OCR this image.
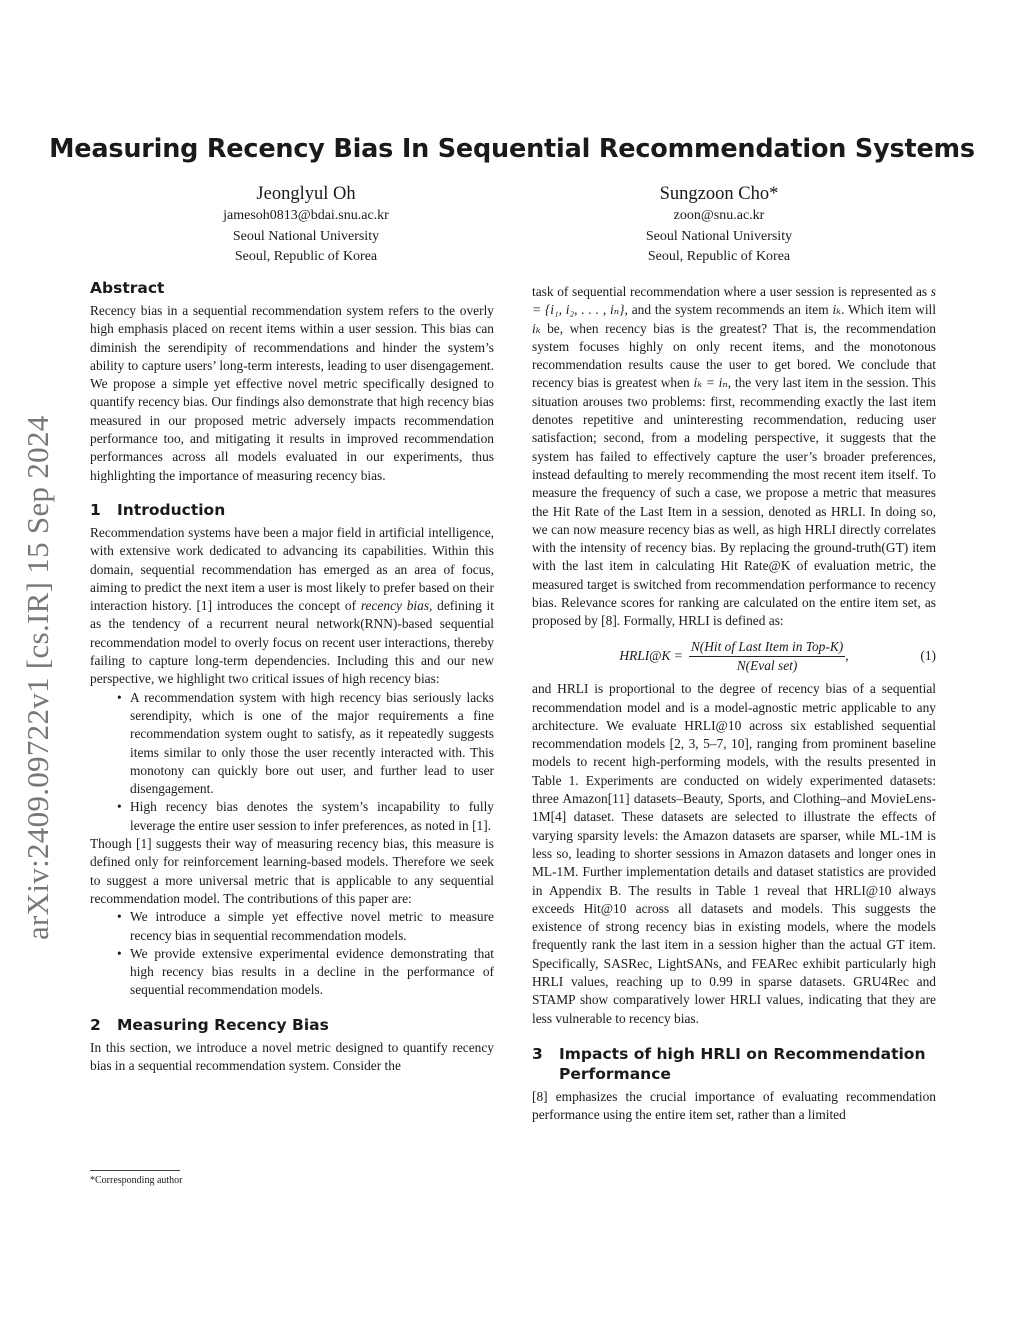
arXiv:2409.09722v1 [cs.IR] 15 Sep 2024
Measuring Recency Bias In Sequential Recommendation Systems
Jeonglyul Oh
jamesoh0813@bdai.snu.ac.kr
Seoul National University
Seoul, Republic of Korea
Sungzoon Cho*
zoon@snu.ac.kr
Seoul National University
Seoul, Republic of Korea
Abstract

Recency bias in a sequential recommendation system refers to the overly high emphasis placed on recent items within a user session. This bias can diminish the serendipity of recommendations and hinder the system’s ability to capture users’ long-term interests, leading to user disengagement. We propose a simple yet effective novel metric specifically designed to quantify recency bias. Our findings also demonstrate that high recency bias measured in our proposed metric adversely impacts recommendation performance too, and mitigating it results in improved recommendation performances across all models evaluated in our experiments, thus highlighting the importance of measuring recency bias.

1 Introduction

Recommendation systems have been a major field in artificial intelligence, with extensive work dedicated to advancing its capabilities. Within this domain, sequential recommendation has emerged as an area of focus, aiming to predict the next item a user is most likely to prefer based on their interaction history. [1] introduces the concept of recency bias, defining it as the tendency of a recurrent neural network(RNN)-based sequential recommendation model to overly focus on recent user interactions, thereby failing to capture long-term dependencies. Including this and our new perspective, we highlight two critical issues of high recency bias:

• A recommendation system with high recency bias seriously lacks serendipity, which is one of the major requirements a fine recommendation system ought to satisfy, as it repeatedly suggests items similar to only those the user recently interacted with. This monotony can quickly bore out user, and further lead to user disengagement.
• High recency bias denotes the system’s incapability to fully leverage the entire user session to infer preferences, as noted in [1].

Though [1] suggests their way of measuring recency bias, this measure is defined only for reinforcement learning-based models. Therefore we seek to suggest a more universal metric that is applicable to any sequential recommendation model. The contributions of this paper are:

• We introduce a simple yet effective novel metric to measure recency bias in sequential recommendation models.
• We provide extensive experimental evidence demonstrating that high recency bias results in a decline in the performance of sequential recommendation models.
2 Measuring Recency Bias

In this section, we introduce a novel metric designed to quantify recency bias in a sequential recommendation system. Consider the

*Corresponding author

task of sequential recommendation where a user session is represented as s = {i₁, i₂, . . . , iₙ}, and the system recommends an item iₖ. Which item will iₖ be, when recency bias is the greatest? That is, the recommendation system focuses highly on only recent items, and the monotonous recommendation results cause the user to get bored. We conclude that recency bias is greatest when iₖ = iₙ, the very last item in the session. This situation arouses two problems: first, recommending exactly the last item denotes repetitive and uninteresting recommendation, reducing user satisfaction; second, from a modeling perspective, it suggests that the system has failed to effectively capture the user’s broader preferences, instead defaulting to merely recommending the most recent item itself. To measure the frequency of such a case, we propose a metric that measures the Hit Rate of the Last Item in a session, denoted as HRLI. In doing so, we can now measure recency bias as well, as high HRLI directly correlates with the intensity of recency bias. By replacing the ground-truth(GT) item with the last item in calculating Hit Rate@K of evaluation metric, the measured target is switched from recommendation performance to recency bias. Relevance scores for ranking are calculated on the entire item set, as proposed by [8]. Formally, HRLI is defined as:

HRLI@K = $\frac{\text{N(Hit of Last Item in Top-K)}}{\text{N(Eval set)}}$ ,	(1)

and HRLI is proportional to the degree of recency bias of a sequential recommendation model and is a model-agnostic metric applicable to any architecture. We evaluate HRLI@10 across six established sequential recommendation models [2, 3, 5–7, 10], ranging from prominent baseline models to recent high-performing models, with the results presented in Table 1. Experiments are conducted on widely experimented datasets: three Amazon[11] datasets–Beauty, Sports, and Clothing–and MovieLens-1M[4] dataset. These datasets are selected to illustrate the effects of varying sparsity levels: the Amazon datasets are sparser, while ML-1M is less so, leading to shorter sessions in Amazon datasets and longer ones in ML-1M. Further implementation details and dataset statistics are provided in Appendix B. The results in Table 1 reveal that HRLI@10 always exceeds Hit@10 across all datasets and models. This suggests the existence of strong recency bias in existing models, where the models frequently rank the last item in a session higher than the actual GT item. Specifically, SASRec, LightSANs, and FEARec exhibit particularly high HRLI values, reaching up to 0.99 in sparse datasets. GRU4Rec and STAMP show comparatively lower HRLI values, indicating that they are less vulnerable to recency bias.

3	Impacts of high HRLI on Recommendation Performance

[8] emphasizes the crucial importance of evaluating recommendation performance using the entire item set, rather than a limited
